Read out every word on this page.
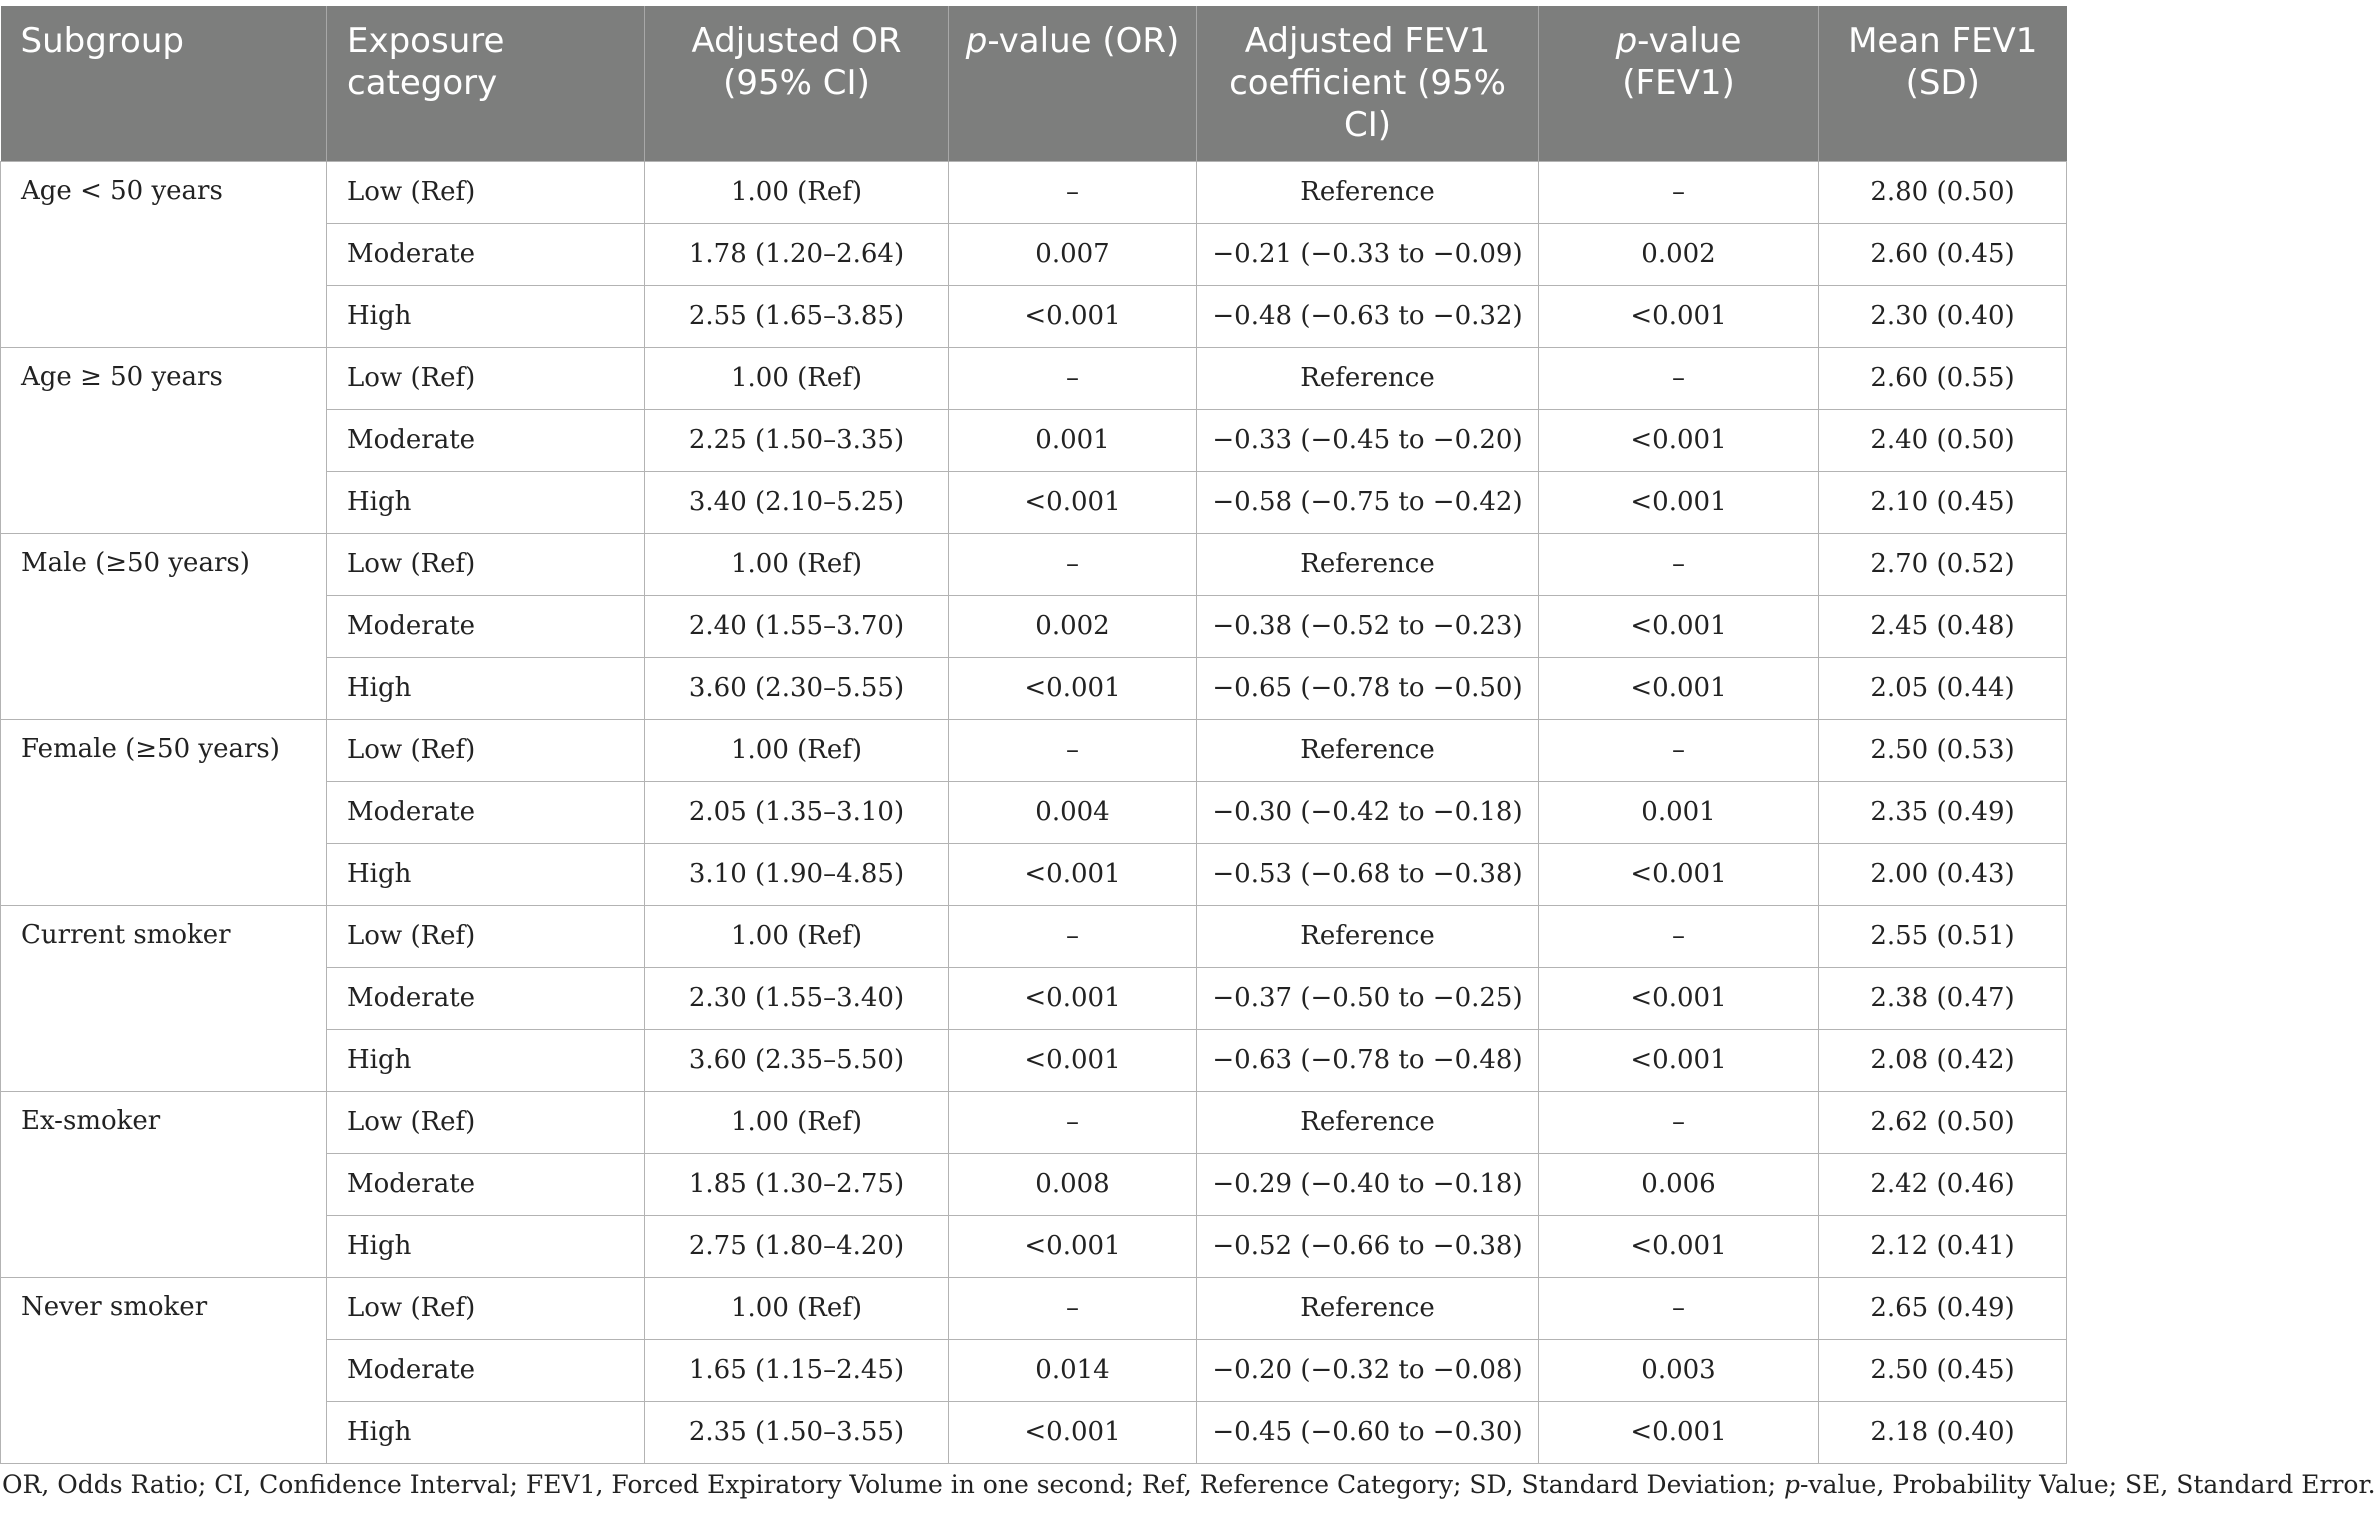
Subgroup	Exposure category	Adjusted OR (95% CI)	p-value (OR)	Adjusted FEV1 coefficient (95% CI)	p-value (FEV1)	Mean FEV1 (SD)
Age < 50 years	Low (Ref)	1.00 (Ref)	–	Reference	–	2.80 (0.50)
	Moderate	1.78 (1.20–2.64)	0.007	−0.21 (−0.33 to −0.09)	0.002	2.60 (0.45)
	High	2.55 (1.65–3.85)	<0.001	−0.48 (−0.63 to −0.32)	<0.001	2.30 (0.40)
Age ≥ 50 years	Low (Ref)	1.00 (Ref)	–	Reference	–	2.60 (0.55)
	Moderate	2.25 (1.50–3.35)	0.001	−0.33 (−0.45 to −0.20)	<0.001	2.40 (0.50)
	High	3.40 (2.10–5.25)	<0.001	−0.58 (−0.75 to −0.42)	<0.001	2.10 (0.45)
Male (≥50 years)	Low (Ref)	1.00 (Ref)	–	Reference	–	2.70 (0.52)
	Moderate	2.40 (1.55–3.70)	0.002	−0.38 (−0.52 to −0.23)	<0.001	2.45 (0.48)
	High	3.60 (2.30–5.55)	<0.001	−0.65 (−0.78 to −0.50)	<0.001	2.05 (0.44)
Female (≥50 years)	Low (Ref)	1.00 (Ref)	–	Reference	–	2.50 (0.53)
	Moderate	2.05 (1.35–3.10)	0.004	−0.30 (−0.42 to −0.18)	0.001	2.35 (0.49)
	High	3.10 (1.90–4.85)	<0.001	−0.53 (−0.68 to −0.38)	<0.001	2.00 (0.43)
Current smoker	Low (Ref)	1.00 (Ref)	–	Reference	–	2.55 (0.51)
	Moderate	2.30 (1.55–3.40)	<0.001	−0.37 (−0.50 to −0.25)	<0.001	2.38 (0.47)
	High	3.60 (2.35–5.50)	<0.001	−0.63 (−0.78 to −0.48)	<0.001	2.08 (0.42)
Ex-smoker	Low (Ref)	1.00 (Ref)	–	Reference	–	2.62 (0.50)
	Moderate	1.85 (1.30–2.75)	0.008	−0.29 (−0.40 to −0.18)	0.006	2.42 (0.46)
	High	2.75 (1.80–4.20)	<0.001	−0.52 (−0.66 to −0.38)	<0.001	2.12 (0.41)
Never smoker	Low (Ref)	1.00 (Ref)	–	Reference	–	2.65 (0.49)
	Moderate	1.65 (1.15–2.45)	0.014	−0.20 (−0.32 to −0.08)	0.003	2.50 (0.45)
	High	2.35 (1.50–3.55)	<0.001	−0.45 (−0.60 to −0.30)	<0.001	2.18 (0.40)
OR, Odds Ratio; CI, Confidence Interval; FEV1, Forced Expiratory Volume in one second; Ref, Reference Category; SD, Standard Deviation; p-value, Probability Value; SE, Standard Error.
